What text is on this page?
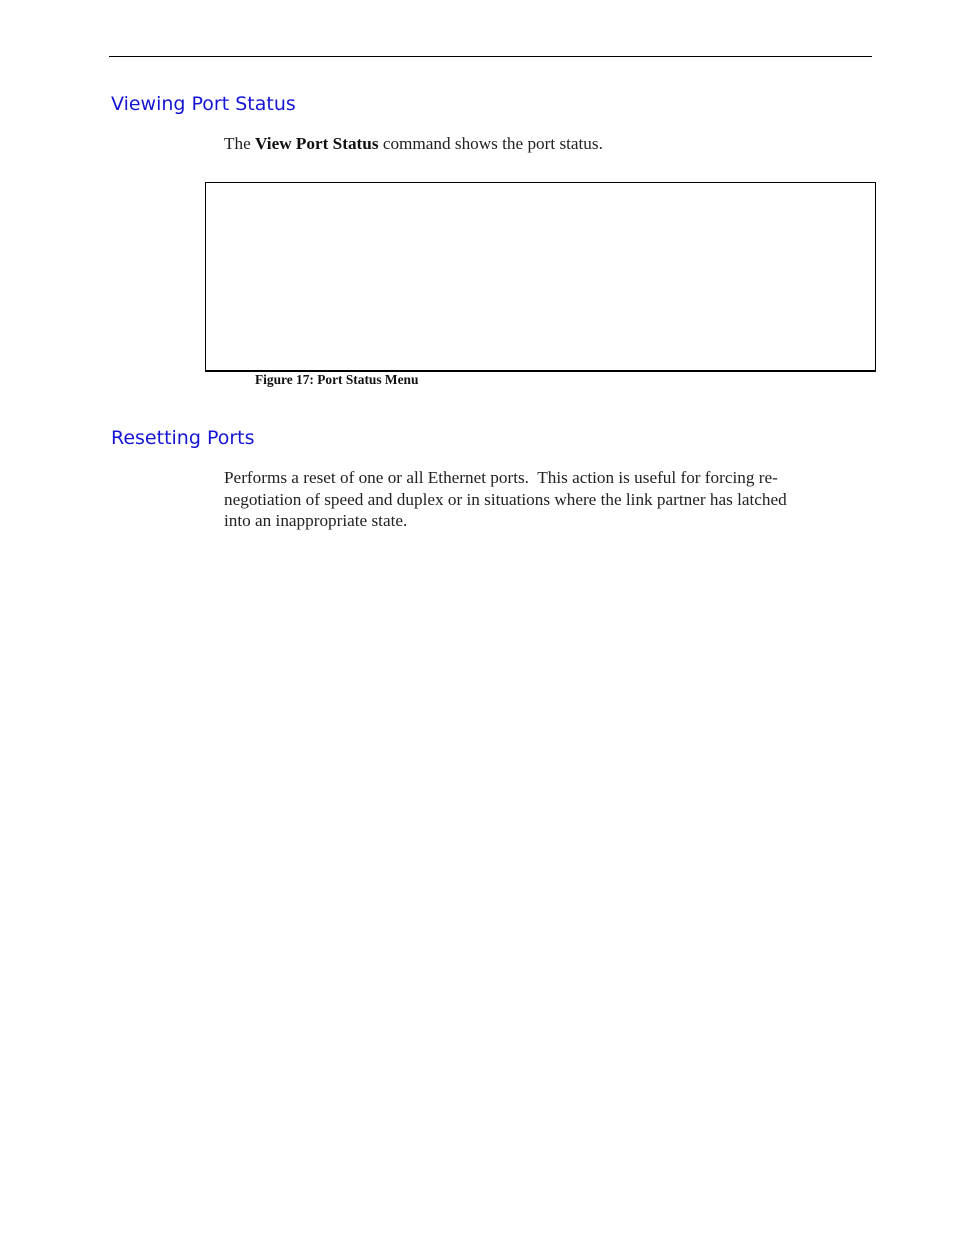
Viewing Port Status

The View Port Status command shows the port status.

Figure 17: Port Status Menu

Resetting Ports
Performs a reset of one or all Ethernet ports.  This action is useful for forcing re-
negotiation of speed and duplex or in situations where the link partner has latched
into an inappropriate state.
